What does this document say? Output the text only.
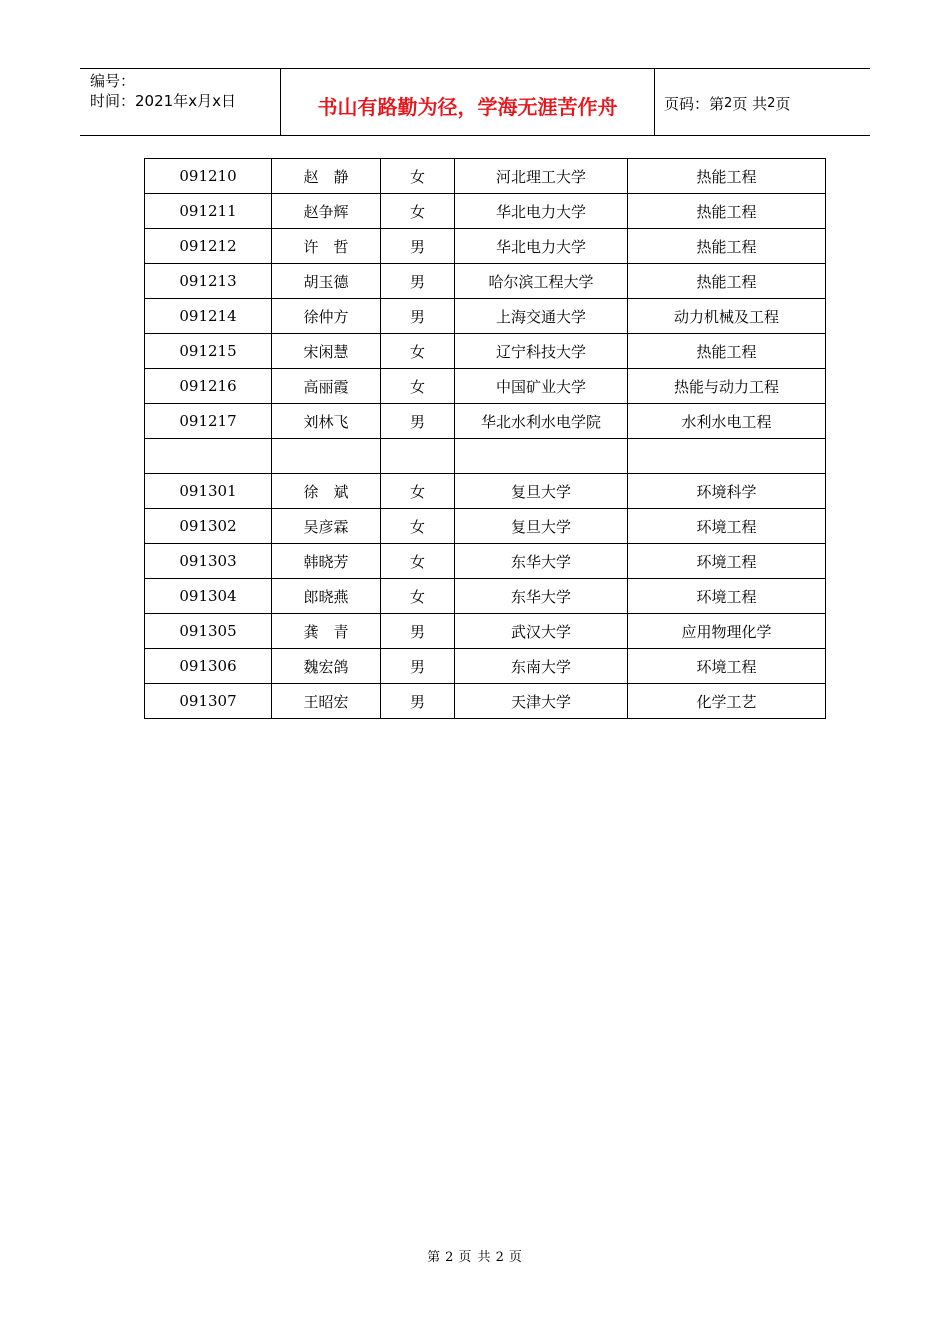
编号：
时间：2021年x月x日	书山有路勤为径，学海无涯苦作舟	页码： 第 2 页 共 2 页
091210	赵　静	女	河北理工大学	热能工程
091211	赵争辉	女	华北电力大学	热能工程
091212	许　哲	男	华北电力大学	热能工程
091213	胡玉德	男	哈尔滨工程大学	热能工程
091214	徐仲方	男	上海交通大学	动力机械及工程
091215	宋闲慧	女	辽宁科技大学	热能工程
091216	高丽霞	女	中国矿业大学	热能与动力工程
091217	刘林飞	男	华北水利水电学院	水利水电工程

091301	徐　斌	女	复旦大学	环境科学
091302	吴彦霖	女	复旦大学	环境工程
091303	韩晓芳	女	东华大学	环境工程
091304	郎晓燕	女	东华大学	环境工程
091305	龚　青	男	武汉大学	应用物理化学
091306	魏宏鸽	男	东南大学	环境工程
091307	王昭宏	男	天津大学	化学工艺
第 2 页 共 2 页
